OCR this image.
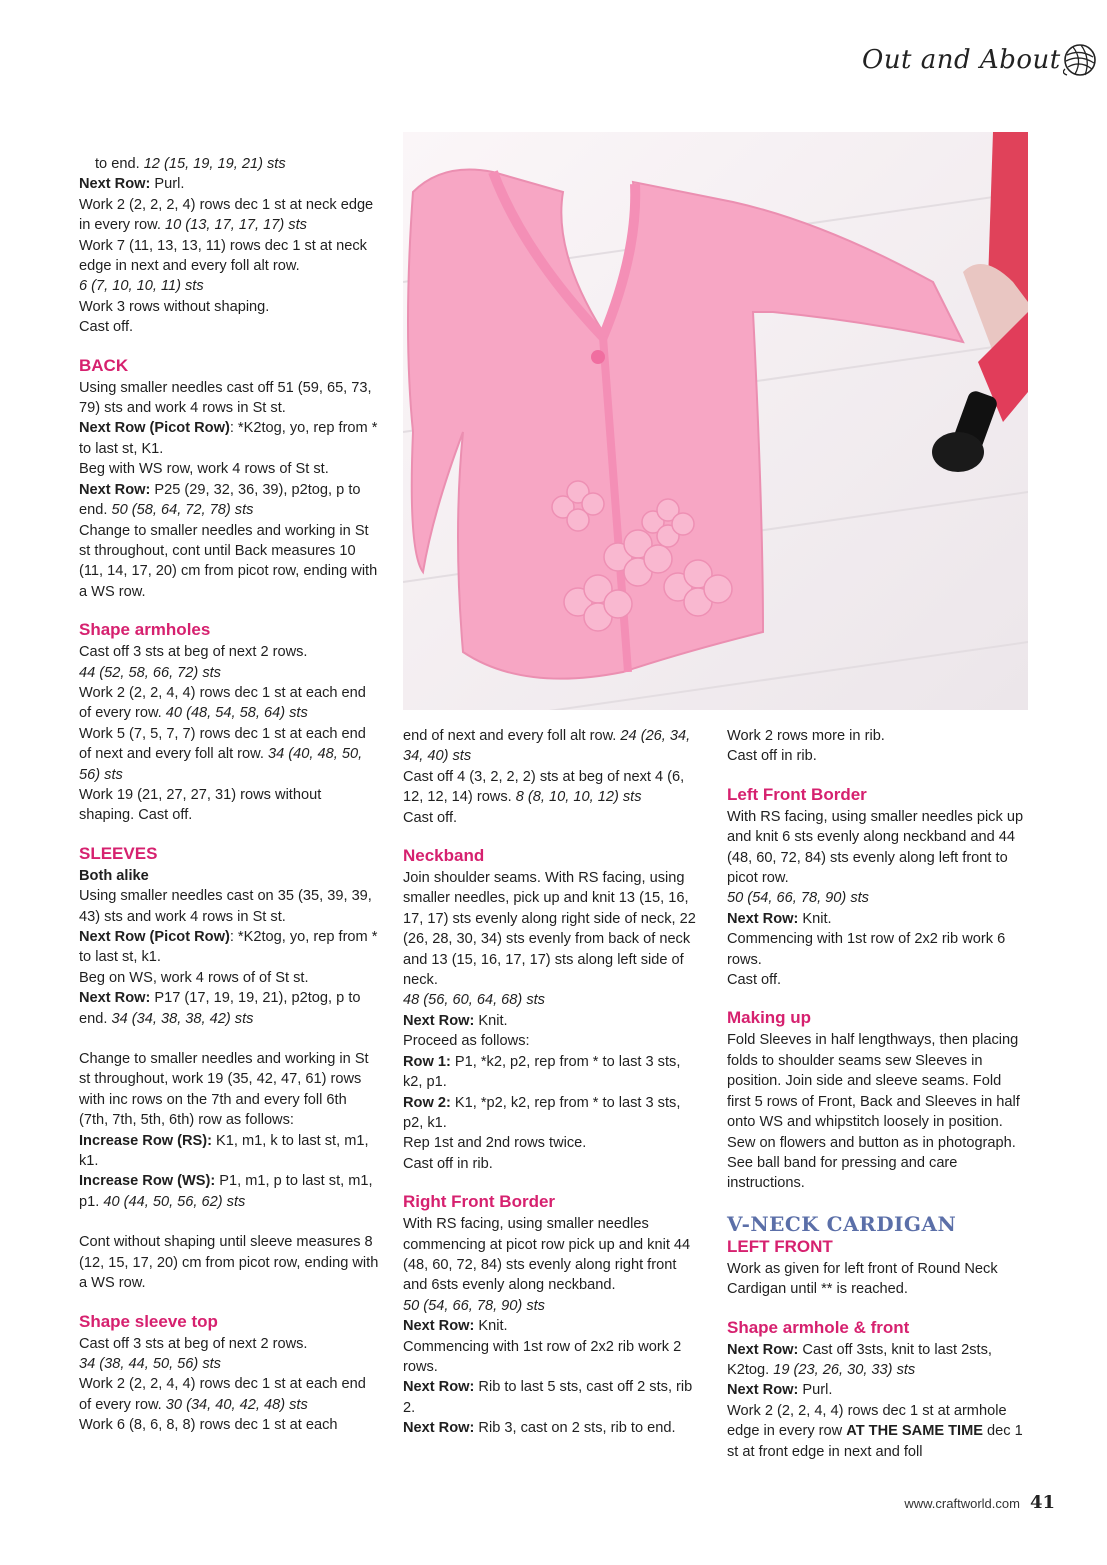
Out and About

to end. 12 (15, 19, 19, 21) sts

Next Row: Purl.

Work 2 (2, 2, 2, 4) rows dec 1 st at neck edge in every row. 10 (13, 17, 17, 17) sts

Work 7 (11, 13, 13, 11) rows dec 1 st at neck edge in next and every foll alt row.
6 (7, 10, 10, 11) sts

Work 3 rows without shaping.

Cast off.

BACK

Using smaller needles cast off 51 (59, 65, 73, 79) sts and work 4 rows in St st.

Next Row (Picot Row): *K2tog, yo, rep from * to last st, K1.

Beg with WS row, work 4 rows of St st.

Next Row: P25 (29, 32, 36, 39), p2tog, p to end. 50 (58, 64, 72, 78) sts

Change to smaller needles and working in St st throughout, cont until Back measures 10 (11, 14, 17, 20) cm from picot row, ending with a WS row.

Shape armholes

Cast off 3 sts at beg of next 2 rows.
44 (52, 58, 66, 72) sts

Work 2 (2, 2, 4, 4) rows dec 1 st at each end of every row. 40 (48, 54, 58, 64) sts

Work 5 (7, 5, 7, 7) rows dec 1 st at each end of next and every foll alt row. 34 (40, 48, 50, 56) sts

Work 19 (21, 27, 27, 31) rows without shaping. Cast off.

SLEEVES

Both alike

Using smaller needles cast on 35 (35, 39, 39, 43) sts and work 4 rows in St st.

Next Row (Picot Row): *K2tog, yo, rep from * to last st, k1.

Beg on WS, work 4 rows of of St st.

Next Row: P17 (17, 19, 19, 21), p2tog, p to end. 34 (34, 38, 38, 42) sts

Change to smaller needles and working in St st throughout, work 19 (35, 42, 47, 61) rows with inc rows on the 7th and every foll 6th (7th, 7th, 5th, 6th) row as follows:

Increase Row (RS): K1, m1, k to last st, m1, k1.

Increase Row (WS): P1, m1, p to last st, m1, p1. 40 (44, 50, 56, 62) sts

Cont without shaping until sleeve measures 8 (12, 15, 17, 20) cm from picot row, ending with a WS row.

Shape sleeve top

Cast off 3 sts at beg of next 2 rows.
34 (38, 44, 50, 56) sts

Work 2 (2, 2, 4, 4) rows dec 1 st at each end of every row. 30 (34, 40, 42, 48) sts

Work 6 (8, 6, 8, 8) rows dec 1 st at each

end of next and every foll alt row. 24 (26, 34, 34, 40) sts

Cast off 4 (3, 2, 2, 2) sts at beg of next 4 (6, 12, 12, 14) rows. 8 (8, 10, 10, 12) sts

Cast off.

Neckband

Join shoulder seams. With RS facing, using smaller needles, pick up and knit 13 (15, 16, 17, 17) sts evenly along right side of neck, 22 (26, 28, 30, 34) sts evenly from back of neck and 13 (15, 16, 17, 17) sts along left side of neck.
48 (56, 60, 64, 68) sts

Next Row: Knit.

Proceed as follows:

Row 1: P1, *k2, p2, rep from * to last 3 sts, k2, p1.

Row 2: K1, *p2, k2, rep from * to last 3 sts, p2, k1.

Rep 1st and 2nd rows twice.

Cast off in rib.

Right Front Border

With RS facing, using smaller needles commencing at picot row pick up and knit 44 (48, 60, 72, 84) sts evenly along right front and 6sts evenly along neckband.
50 (54, 66, 78, 90) sts

Next Row: Knit.

Commencing with 1st row of 2x2 rib work 2 rows.

Next Row: Rib to last 5 sts, cast off 2 sts, rib 2.

Next Row: Rib 3, cast on 2 sts, rib to end.

Work 2 rows more in rib.

Cast off in rib.

Left Front Border

With RS facing, using smaller needles pick up and knit 6 sts evenly along neckband and 44 (48, 60, 72, 84) sts evenly along left front to picot row.
50 (54, 66, 78, 90) sts

Next Row: Knit.

Commencing with 1st row of 2x2 rib work 6 rows.

Cast off.

Making up

Fold Sleeves in half lengthways, then placing folds to shoulder seams sew Sleeves in position. Join side and sleeve seams. Fold first 5 rows of Front, Back and Sleeves in half onto WS and whipstitch loosely in position. Sew on flowers and button as in photograph. See ball band for pressing and care instructions.

V-NECK CARDIGAN
LEFT FRONT

Work as given for left front of Round Neck Cardigan until ** is reached.

Shape armhole & front

Next Row: Cast off 3sts, knit to last 2sts, K2tog. 19 (23, 26, 30, 33) sts

Next Row: Purl.

Work 2 (2, 2, 4, 4) rows dec 1 st at armhole edge in every row AT THE SAME TIME dec 1 st at front edge in next and foll

www.craftworld.com 41
